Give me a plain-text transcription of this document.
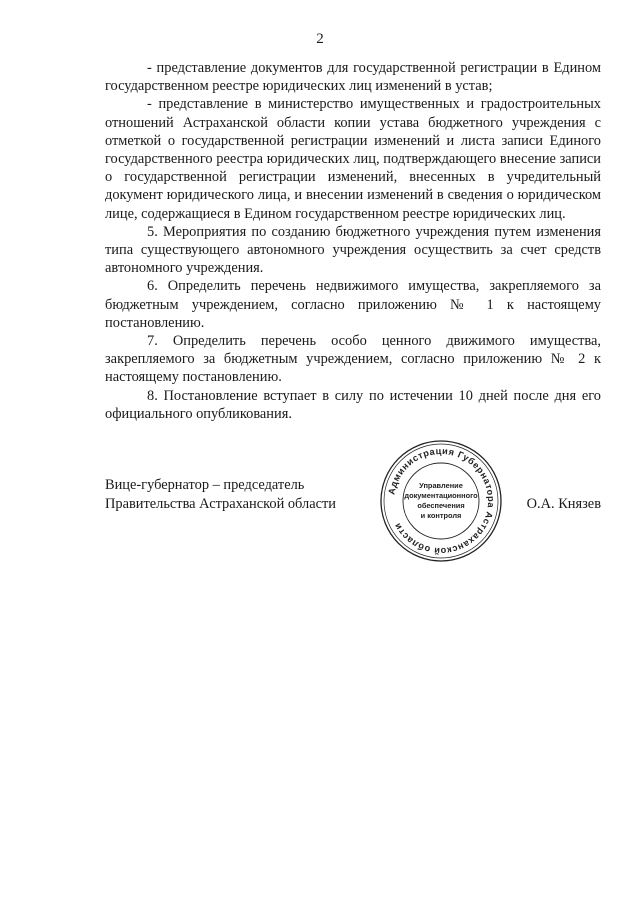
2

- представление документов для государственной регистрации в Едином государственном реестре юридических лиц изменений в устав;

- представление в министерство имущественных и градостроительных отношений Астраханской области копии устава бюджетного учреждения с отметкой о государственной регистрации изменений и листа записи Единого государственного реестра юридических лиц, подтверждающего внесение записи о государственной регистрации изменений, внесенных в учредительный документ юридического лица, и внесении изменений в сведения о юридическом лице, содержащиеся в Едином государственном реестре юридических лиц.

5. Мероприятия по созданию бюджетного учреждения путем изменения типа существующего автономного учреждения осуществить за счет средств автономного учреждения.

6. Определить перечень недвижимого имущества, закрепляемого за бюджетным учреждением, согласно приложению № 1 к настоящему постановлению.

7. Определить перечень особо ценного движимого имущества, закрепляемого за бюджетным учреждением, согласно приложению № 2 к настоящему постановлению.

8. Постановление вступает в силу по истечении 10 дней после дня его официального опубликования.

Вице-губернатор – председатель
Правительства Астраханской области
Администрация Губернатора Астраханской области
Управление
документационного
обеспечения
и контроля
О.А. Князев
